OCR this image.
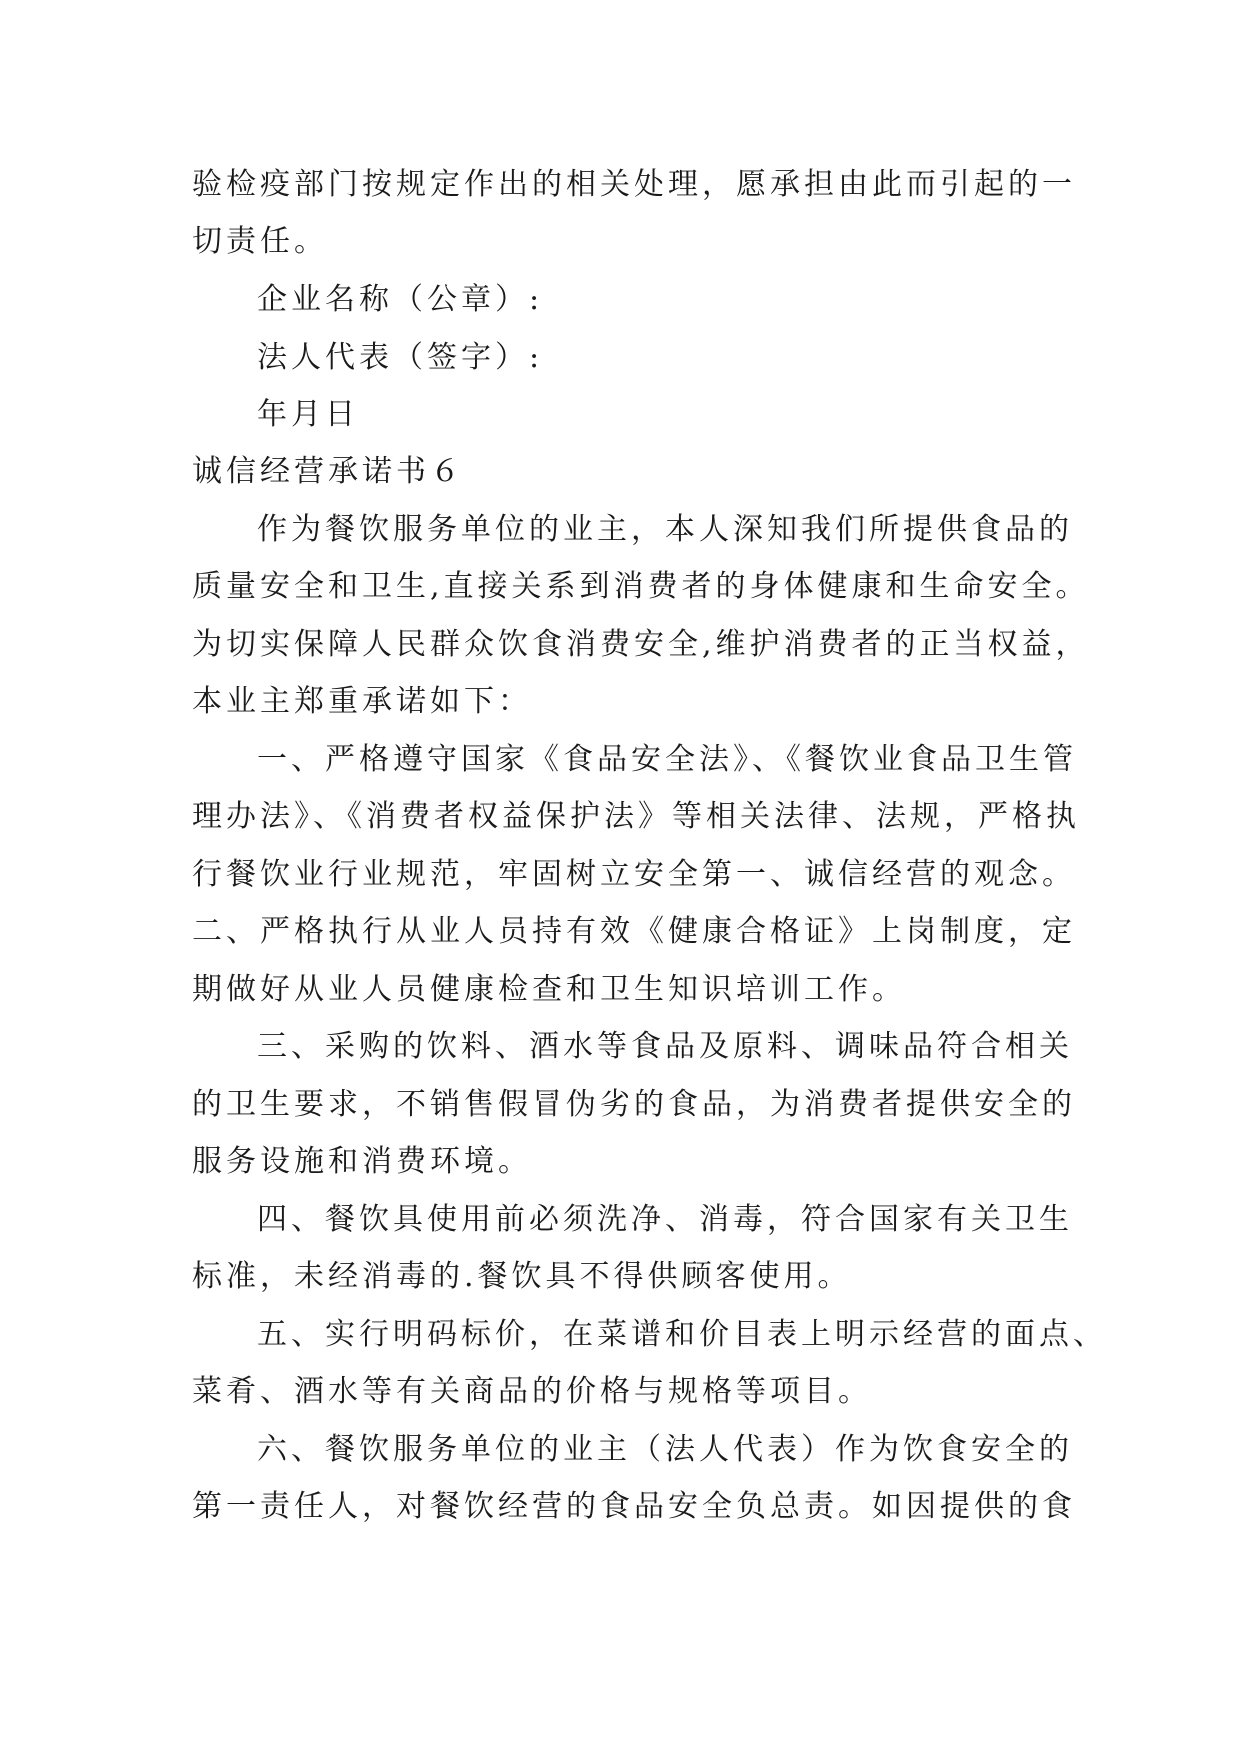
验检疫部门按规定作出的相关处理，愿承担由此而引起的一
切责任。
企业名称（公章）:
法人代表（签字）:
年月日
诚信经营承诺书６
作为餐饮服务单位的业主，本人深知我们所提供食品的
质量安全和卫生,直接关系到消费者的身体健康和生命安全。
为切实保障人民群众饮食消费安全,维护消费者的正当权益，
本业主郑重承诺如下：
一、严格遵守国家《食品安全法》、《餐饮业食品卫生管
理办法》、《消费者权益保护法》等相关法律、法规，严格执
行餐饮业行业规范，牢固树立安全第一、诚信经营的观念。
二、严格执行从业人员持有效《健康合格证》上岗制度，定
期做好从业人员健康检查和卫生知识培训工作。
三、采购的饮料、酒水等食品及原料、调味品符合相关
的卫生要求，不销售假冒伪劣的食品，为消费者提供安全的
服务设施和消费环境。
四、餐饮具使用前必须洗净、消毒，符合国家有关卫生
标准，未经消毒的.餐饮具不得供顾客使用。
五、实行明码标价，在菜谱和价目表上明示经营的面点、
菜肴、酒水等有关商品的价格与规格等项目。
六、餐饮服务单位的业主（法人代表）作为饮食安全的
第一责任人，对餐饮经营的食品安全负总责。如因提供的食
